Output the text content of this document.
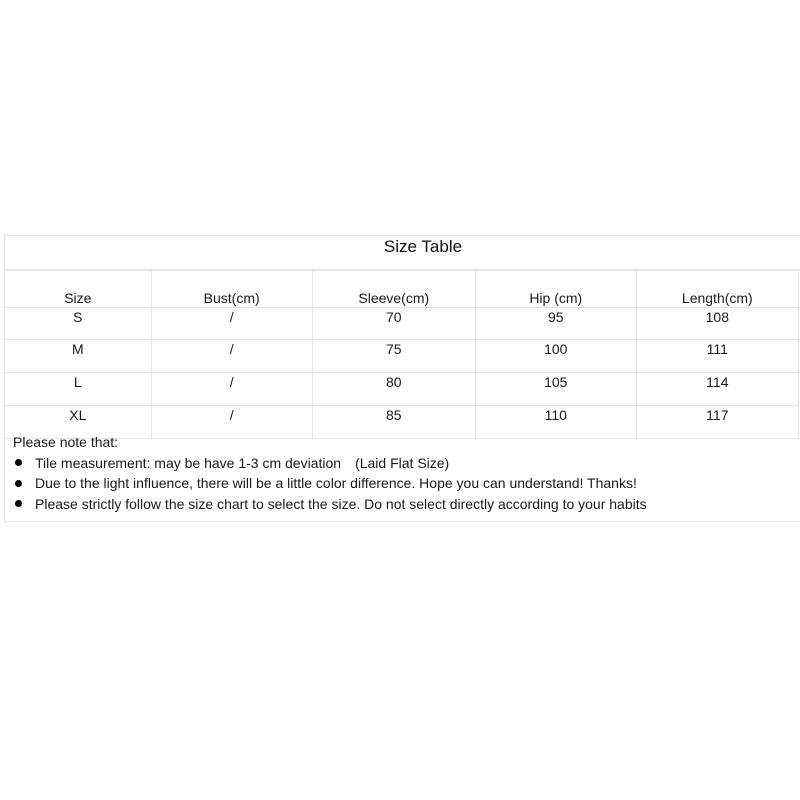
Size Table
Size	Bust(cm)	Sleeve(cm)	Hip (cm)	Length(cm)
S	/	70	95	108
M	/	75	100	111
L	/	80	105	114
XL	/	85	110	117
Please note that:
Tile measurement: may be have 1-3 cm deviation　(Laid Flat Size)
Due to the light influence, there will be a little color difference. Hope you can understand! Thanks!
Please strictly follow the size chart to select the size. Do not select directly according to your habits
